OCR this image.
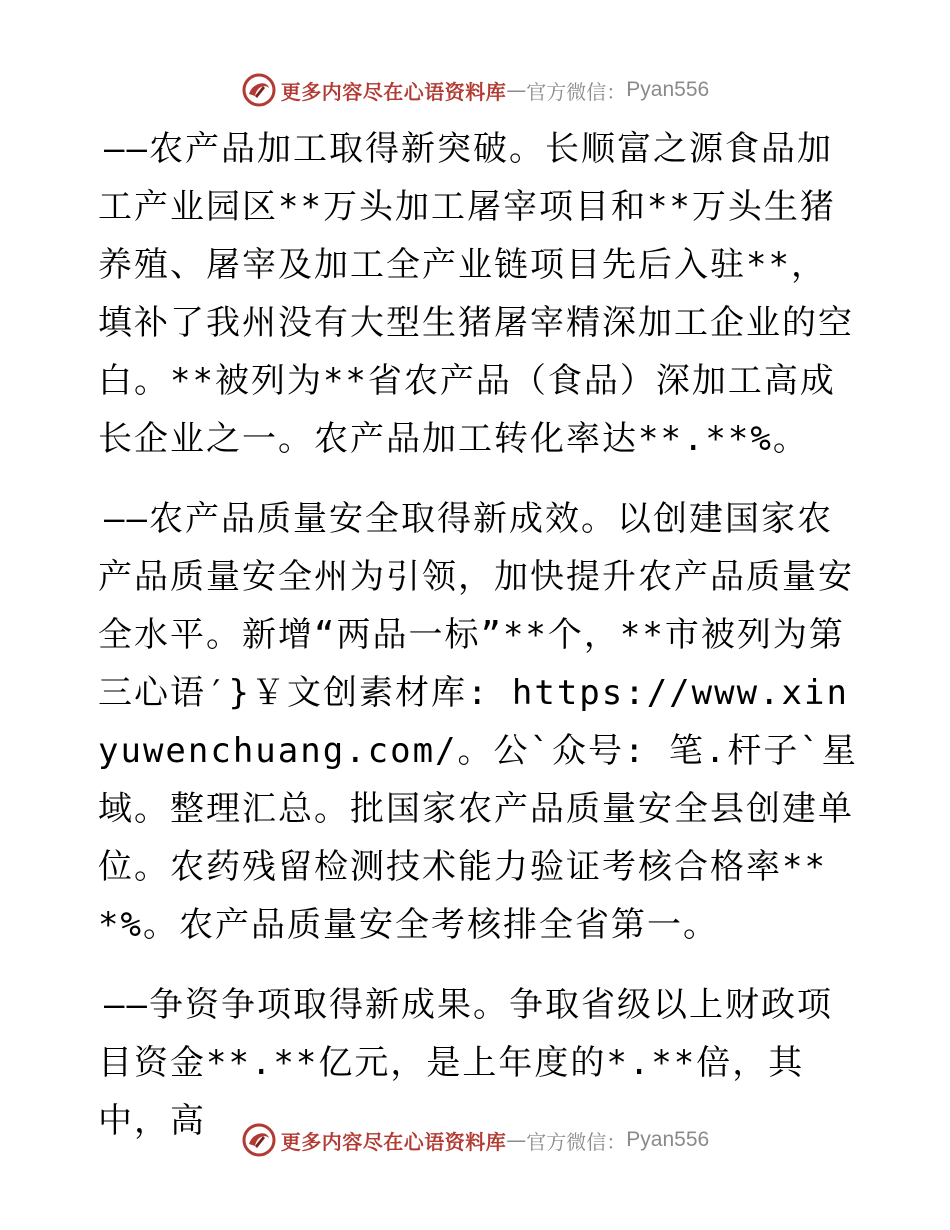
更多内容尽在心语资料库 — 官方微信： Pyan556

——农产品加工取得新突破。长顺富之源食品加工产业园区**万头加工屠宰项目和**万头生猪养殖、屠宰及加工全产业链项目先后入驻**，填补了我州没有大型生猪屠宰精深加工企业的空白。**被列为**省农产品（食品）深加工高成长企业之一。农产品加工转化率达**.**%。

——农产品质量安全取得新成效。以创建国家农产品质量安全州为引领，加快提升农产品质量安全水平。新增“两品一标”**个，**市被列为第三心语′}￥文创素材库: https://www.xinyuwenchuang.com/。公`众号: 笔.杆子`星域。整理汇总。批国家农产品质量安全县创建单位。农药残留检测技术能力验证考核合格率***%。农产品质量安全考核排全省第一。

——争资争项取得新成果。争取省级以上财政项目资金**.**亿元，是上年度的*.**倍，其中，高

更多内容尽在心语资料库 — 官方微信： Pyan556
